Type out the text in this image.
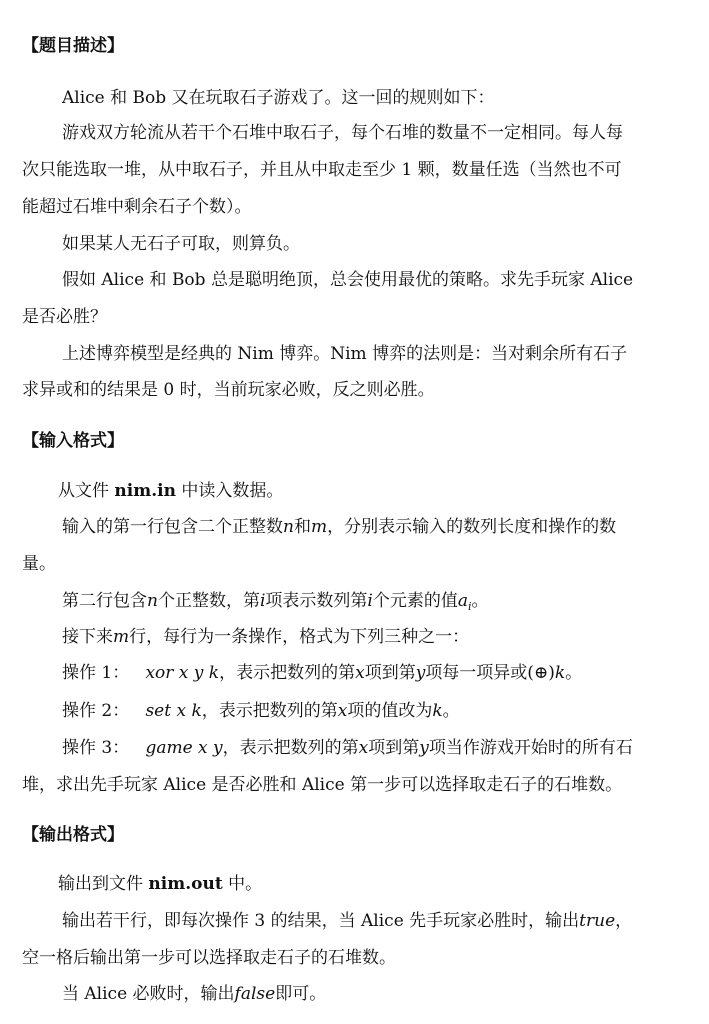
【题目描述】
Alice 和 Bob 又在玩取石子游戏了。这一回的规则如下：
游戏双方轮流从若干个石堆中取石子，每个石堆的数量不一定相同。每人每
次只能选取一堆，从中取石子，并且从中取走至少 1 颗，数量任选（当然也不可
能超过石堆中剩余石子个数）。
如果某人无石子可取，则算负。
假如 Alice 和 Bob 总是聪明绝顶，总会使用最优的策略。求先手玩家 Alice
是否必胜？
上述博弈模型是经典的 Nim 博弈。Nim 博弈的法则是：当对剩余所有石子
求异或和的结果是 0 时，当前玩家必败，反之则必胜。
【输入格式】
从文件 nim.in 中读入数据。
输入的第一行包含二个正整数n和m，分别表示输入的数列长度和操作的数
量。
第二行包含n个正整数，第i项表示数列第i个元素的值$a_i$。
接下来m行，每行为一条操作，格式为下列三种之一：
操作 1： xor x y k，表示把数列的第x项到第y项每一项异或(⊕)k。
操作 2： set x k，表示把数列的第x项的值改为k。
操作 3： game x y，表示把数列的第x项到第y项当作游戏开始时的所有石
堆，求出先手玩家 Alice 是否必胜和 Alice 第一步可以选择取走石子的石堆数。
【输出格式】
输出到文件 nim.out 中。
输出若干行，即每次操作 3 的结果，当 Alice 先手玩家必胜时，输出true，
空一格后输出第一步可以选择取走石子的石堆数。
当 Alice 必败时，输出false即可。
